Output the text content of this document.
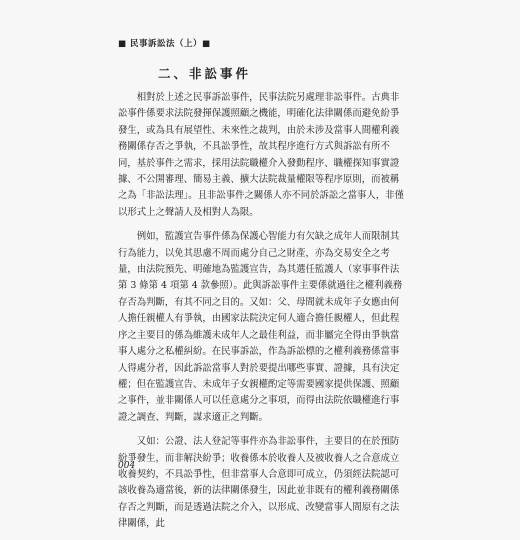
■ 民事訴訟法（上）■
二、非訟事件

相對於上述之民事訴訟事件，民事法院另處理非訟事件。古典非訟事件係要求法院發揮保護照顧之機能，明確化法律關係而避免紛爭發生，或為具有展望性、未來性之裁判，由於未涉及當事人間權利義務關係存否之爭執，不具訟爭性，故其程序進行方式與訴訟有所不同，基於事件之需求，採用法院職權介入發動程序、職權探知事實證據、不公開審理、簡易主義、擴大法院裁量權限等程序原則，而被稱之為「非訟法理」。且非訟事件之關係人亦不同於訴訟之當事人，非僅以形式上之聲請人及相對人為限。

例如，監護宣告事件係為保護心智能力有欠缺之成年人而限制其行為能力，以免其思慮不周而處分自己之財產，亦為交易安全之考量，由法院預先、明確地為監護宣告，為其選任監護人（家事事件法第 3 條第 4 項第 4 款參照）。此與訴訟事件主要係就過往之權利義務存否為判斷，有其不同之目的。又如：父、母間就未成年子女應由何人擔任親權人有爭執，由國家法院決定何人適合擔任親權人，但此程序之主要目的係為維護未成年人之最佳利益，而非屬完全得由爭執當事人處分之私權糾紛。在民事訴訟，作為訴訟標的之權利義務係當事人得處分者，因此訴訟當事人對於要提出哪些事實、證據，具有決定權；但在監護宣告、未成年子女親權酌定等需要國家提供保護、照顧之事件，並非關係人可以任意處分之事項，而得由法院依職權進行事證之調查、判斷，謀求適正之判斷。

又如：公證、法人登記等事件亦為非訟事件，主要目的在於預防紛爭發生，而非解決紛爭；收養係本於收養人及被收養人之合意成立收養契約，不具訟爭性，但非當事人合意即可成立，仍須經法院認可該收養為適當後，新的法律關係發生，因此並非既有的權利義務關係存否之判斷，而是透過法院之介入，以形成、改變當事人間原有之法律關係，此

004
